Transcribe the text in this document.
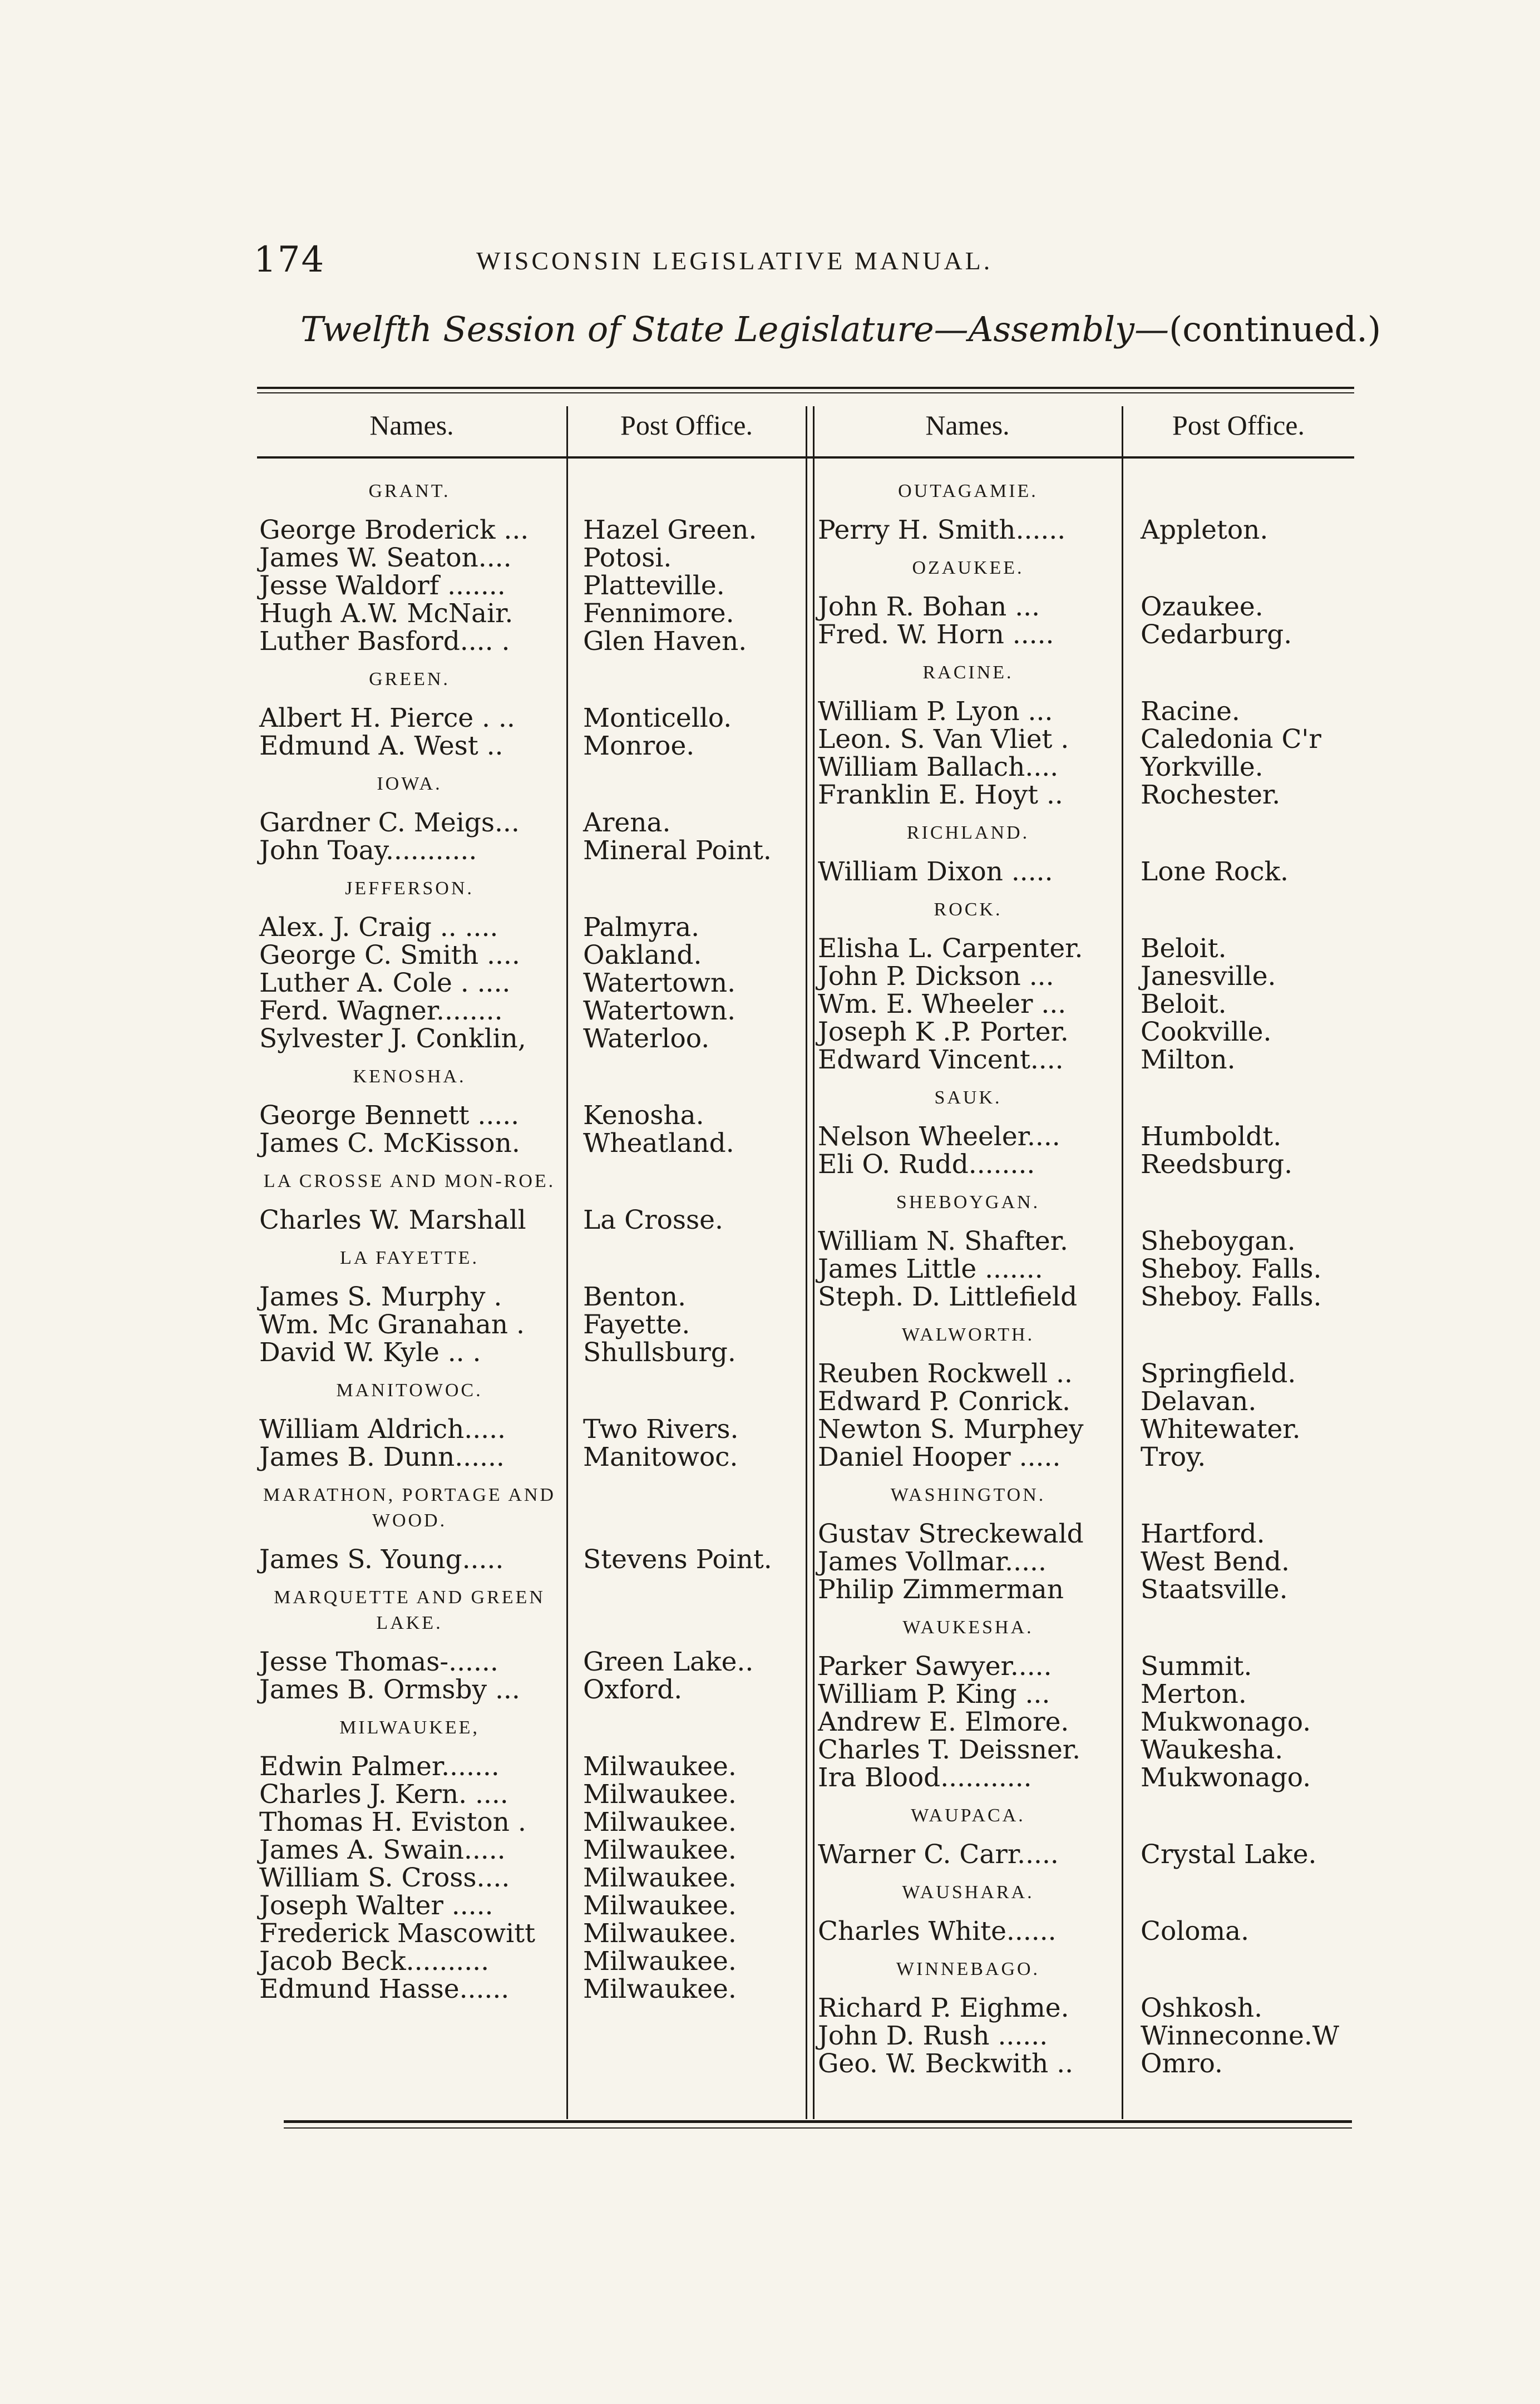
174	WISCONSIN LEGISLATIVE MANUAL.
Twelfth Session of State Legislature—Assembly—(continued.)
Names.	Post Office.	Names.	Post Office.
GRANT.
George Broderick ... Hazel Green.
James W. Seaton....	Potosi.
Jesse Waldorf .......	Platteville.
Hugh A.W. McNair.	Fennimore.
Luther Basford.... .	Glen Haven.
GREEN.
Albert H. Pierce . ..	Monticello.
Edmund A. West ..	Monroe.
IOWA.
Gardner C. Meigs... Arena.
John Toay...........	Mineral Point.
JEFFERSON.
Alex. J. Craig .. ....	Palmyra.
George C. Smith .... Oakland.
Luther A. Cole . ....	Watertown.
Ferd. Wagner........	Watertown.
Sylvester J. Conklin, Waterloo.
KENOSHA.
George Bennett ..... Kenosha.
James C. McKisson. Wheatland.
LA CROSSE AND MON-ROE.
Charles W. Marshall La Crosse.
LA FAYETTE.
James S. Murphy .	Benton.
Wm. Mc Granahan . Fayette.
David W. Kyle .. .	Shullsburg.
MANITOWOC.
William Aldrich.....	Two Rivers.
James B. Dunn......	Manitowoc.
MARATHON, PORTAGE AND WOOD.
James S. Young.....	Stevens Point.
MARQUETTE AND GREEN LAKE.
Jesse Thomas-......	Green Lake..
James B. Ormsby ... Oxford.
MILWAUKEE,
Edwin Palmer.......	Milwaukee.
Charles J. Kern. ....	Milwaukee.
Thomas H. Eviston . Milwaukee.
James A. Swain.....	Milwaukee.
William S. Cross....	Milwaukee.
Joseph Walter .....	Milwaukee.
Frederick Mascowitt Milwaukee.
Jacob Beck..........	Milwaukee.
Edmund Hasse......	Milwaukee.
OUTAGAMIE.
Perry H. Smith......	Appleton.
OZAUKEE.
John R. Bohan ...	Ozaukee.
Fred. W. Horn .....	Cedarburg.
RACINE.
William P. Lyon ...	Racine.
Leon. S. Van Vliet .	Caledonia C'r
William Ballach....	Yorkville.
Franklin E. Hoyt ..	Rochester.
RICHLAND.
William Dixon .....	Lone Rock.
ROCK.
Elisha L. Carpenter. Beloit.
John P. Dickson ...	Janesville.
Wm. E. Wheeler ...	Beloit.
Joseph K .P. Porter.	Cookville.
Edward Vincent....	Milton.
SAUK.
Nelson Wheeler....	Humboldt.
Eli O. Rudd........	Reedsburg.
SHEBOYGAN.
William N. Shafter.	Sheboygan.
James Little .......	Sheboy. Falls.
Steph. D. Littlefield Sheboy. Falls.
WALWORTH.
Reuben Rockwell ..	Springfield.
Edward P. Conrick.	Delavan.
Newton S. Murphey Whitewater.
Daniel Hooper .....	Troy.
WASHINGTON.
Gustav Streckewald Hartford.
James Vollmar.....	West Bend.
Philip Zimmerman	Staatsville.
WAUKESHA.
Parker Sawyer.....	Summit.
William P. King ...	Merton.
Andrew E. Elmore.	Mukwonago.
Charles T. Deissner. Waukesha.
Ira Blood...........	Mukwonago.
WAUPACA.
Warner C. Carr.....	Crystal Lake.
WAUSHARA.
Charles White......	Coloma.
WINNEBAGO.
Richard P. Eighme.	Oshkosh.
John D. Rush ......	Winneconne.W
Geo. W. Beckwith ..	Omro.
